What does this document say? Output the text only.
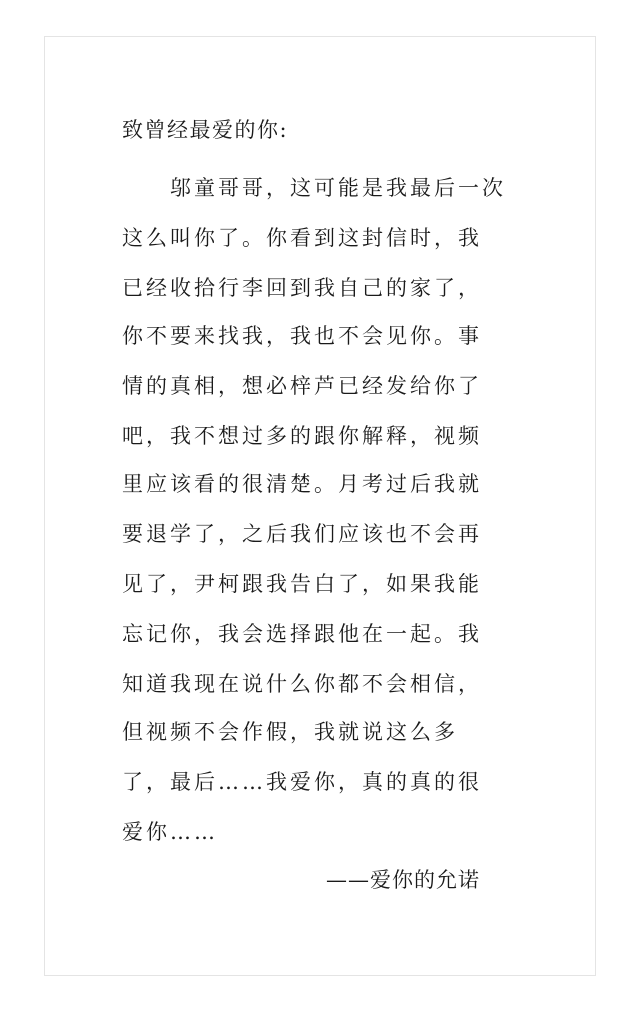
致曾经最爱的你:
　　邬童哥哥，这可能是我最后一次
这么叫你了。你看到这封信时，我
已经收拾行李回到我自己的家了，
你不要来找我，我也不会见你。事
情的真相，想必梓芦已经发给你了
吧，我不想过多的跟你解释，视频
里应该看的很清楚。月考过后我就
要退学了，之后我们应该也不会再
见了，尹柯跟我告白了，如果我能
忘记你，我会选择跟他在一起。我
知道我现在说什么你都不会相信，
但视频不会作假，我就说这么多
了，最后……我爱你，真的真的很
爱你……
——爱你的允诺
